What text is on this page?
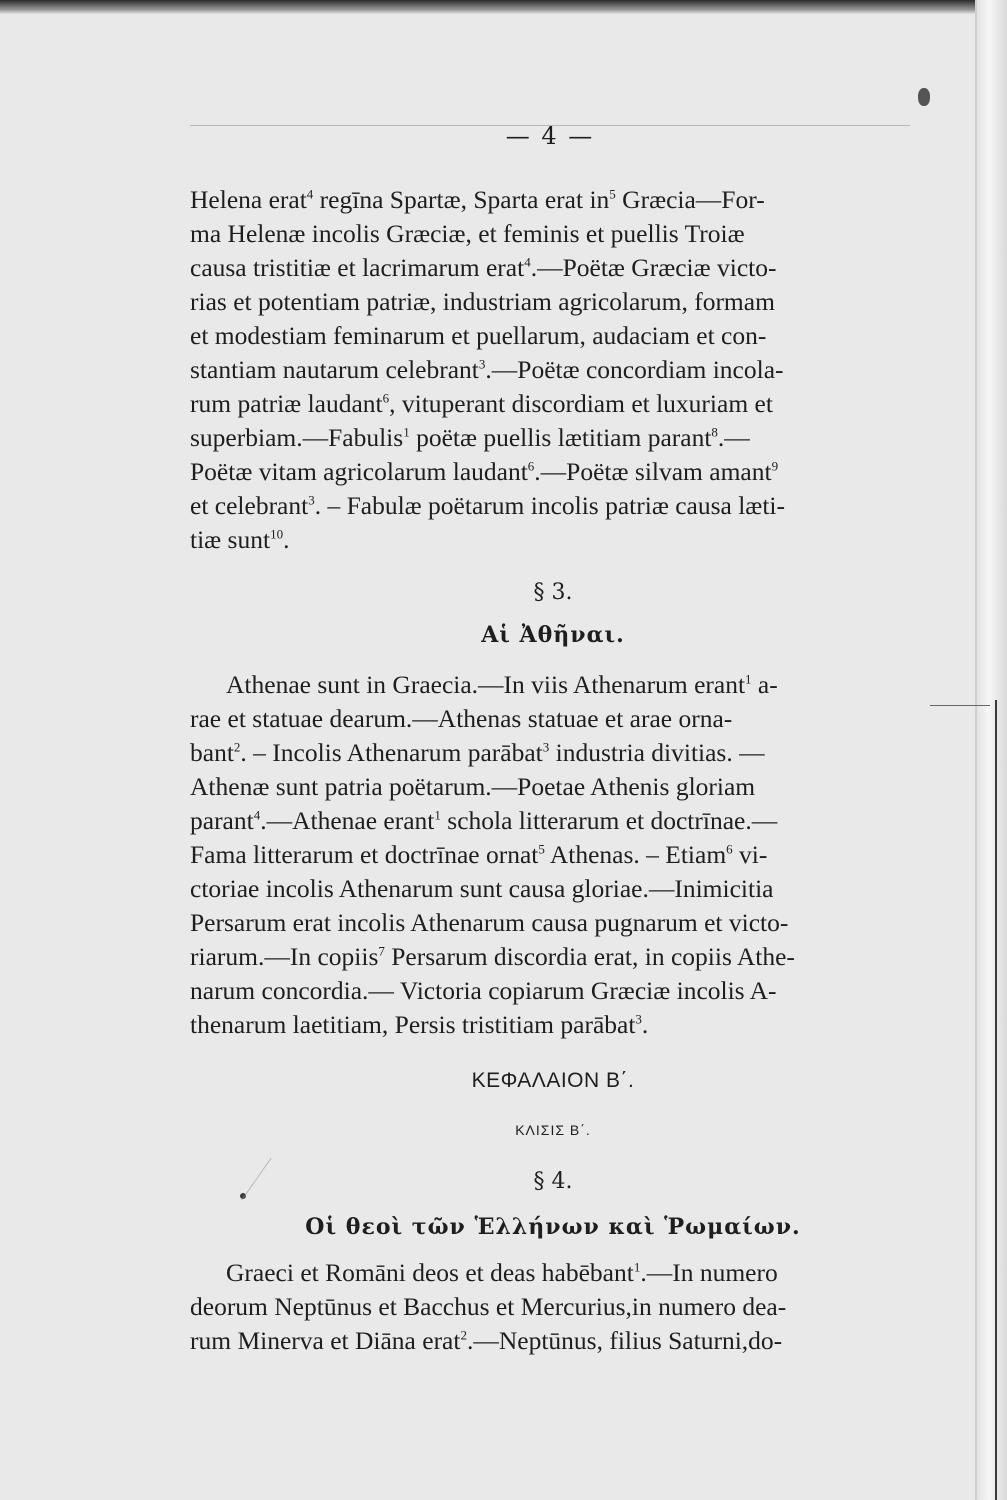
— 4 —
Helena erat$^4$ regīna Spartæ, Sparta erat $in^5$ Græcia—For-
ma Helenæ incolis Græciæ, et feminis et puellis Troiæ
causa tristitiæ et lacrimarum erat$^4$.—Poëtæ Græciæ victo-
rias et potentiam patriæ, industriam agricolarum, formam
et modestiam feminarum et puellarum, audaciam et con-
stantiam nautarum celebrant$^3$.—Poëtæ concordiam incola-
rum patriæ laudant$^6$, vituperant discordiam et luxuriam et
superbiam.—Fabulis$^1$ poëtæ puellis lætitiam parant$^8$.—
Poëtæ vitam agricolarum laudant$^6$.—Poëtæ silvam amant$^9$
et celebrant$^3$. – Fabulæ poëtarum incolis patriæ causa læti-
tiæ sunt$^{10}$.
§ 3.
Αἱ Ἀθῆναι.
Athenae sunt in Graecia.—In viis Athenarum erant$^1$ a-
rae et statuae dearum.—Athenas statuae et arae orna-
bant$^2$. – Incolis Athenarum parābat$^3$ industria divitias. —
Athenæ sunt patria poëtarum.—Poetae Athenis gloriam
parant$^4$.—Athenae erant$^1$ schola litterarum et doctrīnae.—
Fama litterarum et doctrīnae ornat$^5$ Athenas. – Etiam$^6$ vi-
ctoriae incolis Athenarum sunt causa gloriae.—Inimicitia
Persarum erat incolis Athenarum causa pugnarum et victo-
riarum.—In copiis$^7$ Persarum discordia erat, in copiis Athe-
narum concordia.— Victoria copiarum Græciæ incolis A-
thenarum laetitiam, Persis tristitiam parābat$^3$.
ΚΕΦΑΛΑΙΟΝ Β΄.
ΚΛΙΣΙΣ Β΄.
§ 4.
Οἱ θεοὶ τῶν Ἑλλήνων καὶ Ῥωμαίων.
Graeci et Romāni deos et deas habēbant$^1$.—In numero
deorum Neptūnus et Bacchus et Mercurius,in numero dea-
rum Minerva et Diāna erat$^2$.—Neptūnus, filius Saturni,do-
